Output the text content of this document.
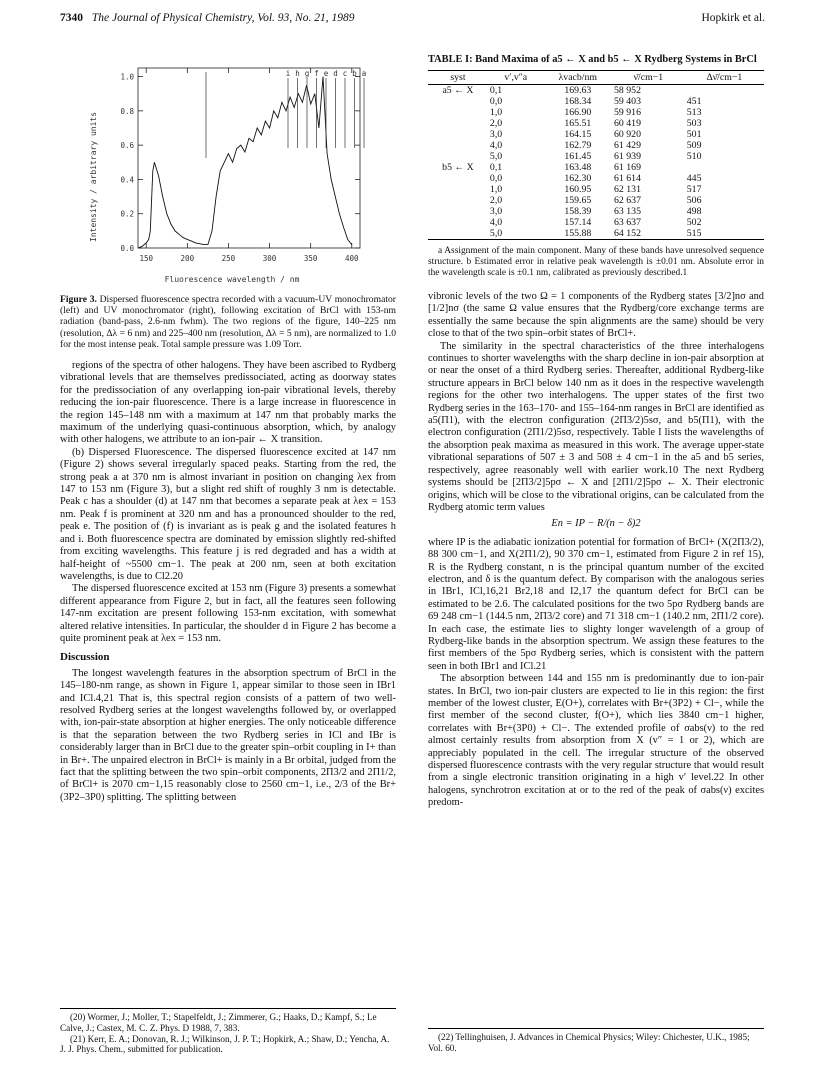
7340 The Journal of Physical Chemistry, Vol. 93, No. 21, 1989	Hopkirk et al.
Intensity / arbitrary units
Fluorescence wavelength / nm
1.0
0.8
0.6
0.4
0.2
0.0
150	200	250	300	350	400
i h g f e d c b a

Figure 3. Dispersed fluorescence spectra recorded with a vacuum-UV monochromator (left) and UV monochromator (right), following excitation of BrCl with 153-nm radiation (band-pass, 2.6-nm fwhm). The two regions of the figure, 140–225 nm (resolution, Δλ = 6 nm) and 225–400 nm (resolution, Δλ = 5 nm), are normalized to 1.0 for the most intense peak. Total sample pressure was 1.09 Torr.

regions of the spectra of other halogens. They have been ascribed to Rydberg vibrational levels that are themselves predissociated, acting as doorway states for the predissociation of any overlapping ion-pair vibrational levels, thereby reducing the ion-pair fluorescence. There is a large increase in fluorescence in the region 145–148 nm with a maximum at 147 nm that probably marks the maximum of the underlying quasi-continuous absorption, which, by analogy with other halogens, we attribute to an ion-pair ← X transition.

(b) Dispersed Fluorescence. The dispersed fluorescence excited at 147 nm (Figure 2) shows several irregularly spaced peaks. Starting from the red, the strong peak a at 370 nm is almost invariant in position on changing λex from 147 to 153 nm (Figure 3), but a slight red shift of roughly 3 nm is detectable. Peak c has a shoulder (d) at 147 nm that becomes a separate peak at λex = 153 nm. Peak f is prominent at 320 nm and has a pronounced shoulder to the red, peak e. The position of (f) is invariant as is peak g and the isolated features h and i. Both fluorescence spectra are dominated by emission slightly red-shifted from exciting wavelengths. This feature j is red degraded and has a width at half-height of ~5500 cm−1. The peak at 200 nm, seen at both excitation wavelengths, is due to Cl2.20

The dispersed fluorescence excited at 153 nm (Figure 3) presents a somewhat different appearance from Figure 2, but in fact, all the features seen following 147-nm excitation are present following 153-nm excitation, with somewhat altered relative intensities. In particular, the shoulder d in Figure 2 has become a quite prominent peak at λex = 153 nm.

Discussion

The longest wavelength features in the absorption spectrum of BrCl in the 145–180-nm range, as shown in Figure 1, appear similar to those seen in IBr1 and ICl.4,21 That is, this spectral region consists of a pattern of two well-resolved Rydberg series at the longest wavelengths followed by, or overlapped with, ion-pair-state absorption at higher energies. The only noticeable difference is that the separation between the two Rydberg series in ICl and IBr is considerably larger than in BrCl due to the greater spin–orbit coupling in I+ than in Br+. The unpaired electron in BrCl+ is mainly in a Br orbital, judged from the fact that the splitting between the two spin–orbit components, 2Π3/2 and 2Π1/2, of BrCl+ is 2070 cm−1,15 reasonably close to 2560 cm−1, i.e., 2/3 of the Br+ (3P2–3P0) splitting. The splitting between

(20) Wormer, J.; Moller, T.; Stapelfeldt, J.; Zimmerer, G.; Haaks, D.; Kampf, S.; Le Calve, J.; Castex, M. C. Z. Phys. D 1988, 7, 383.

(21) Kerr, E. A.; Donovan, R. J.; Wilkinson, J. P. T.; Hopkirk, A.; Shaw, D.; Yencha, A. J. J. Phys. Chem., submitted for publication.

TABLE I: Band Maxima of a5 ← X and b5 ← X Rydberg Systems in BrCl
syst	v′,v″a	λvacb/nm	ν̄/cm−1	Δν̄/cm−1
a5 ← X	0,1	169.63	58 952	
	0,0	168.34	59 403	451
	1,0	166.90	59 916	513
	2,0	165.51	60 419	503
	3,0	164.15	60 920	501
	4,0	162.79	61 429	509
	5,0	161.45	61 939	510
b5 ← X	0,1	163.48	61 169	
	0,0	162.30	61 614	445
	1,0	160.95	62 131	517
	2,0	159.65	62 637	506
	3,0	158.39	63 135	498
	4,0	157.14	63 637	502
	5,0	155.88	64 152	515

a Assignment of the main component. Many of these bands have unresolved sequence structure. b Estimated error in relative peak wavelength is ±0.01 nm. Absolute error in the wavelength scale is ±0.1 nm, calibrated as previously described.1

vibronic levels of the two Ω = 1 components of the Rydberg states [3/2]nσ and [1/2]nσ (the same Ω value ensures that the Rydberg/core exchange terms are essentially the same because the spin alignments are the same) should be very close to that of the two spin–orbit states of BrCl+.

The similarity in the spectral characteristics of the three interhalogens continues to shorter wavelengths with the sharp decline in ion-pair absorption at or near the onset of a third Rydberg series. Thereafter, additional Rydberg-like structure appears in BrCl below 140 nm as it does in the respective wavelength regions for the other two interhalogens. The upper states of the first two Rydberg series in the 163–170- and 155–164-nm ranges in BrCl are identified as a5(Π1), with the electron configuration (2Π3/2)5sσ, and b5(Π1), with the electron configuration (2Π1/2)5sσ, respectively. Table I lists the wavelengths of the absorption peak maxima as measured in this work. The average upper-state vibrational separations of 507 ± 3 and 508 ± 4 cm−1 in the a5 and b5 series, respectively, agree reasonably well with earlier work.10 The next Rydberg systems should be [2Π3/2]5pσ ← X and [2Π1/2]5pσ ← X. Their electronic origins, which will be close to the vibrational origins, can be calculated from the Rydberg atomic term values

En = IP − R/(n − δ)2

where IP is the adiabatic ionization potential for formation of BrCl+ (X(2Π3/2), 88 300 cm−1, and X(2Π1/2), 90 370 cm−1, estimated from Figure 2 in ref 15), R is the Rydberg constant, n is the principal quantum number of the excited electron, and δ is the quantum defect. By comparison with the analogous series in IBr1, ICl,16,21 Br2,18 and I2,17 the quantum defect for BrCl can be estimated to be 2.6. The calculated positions for the two 5pσ Rydberg bands are 69 248 cm−1 (144.5 nm, 2Π3/2 core) and 71 318 cm−1 (140.2 nm, 2Π1/2 core). In each case, the estimate lies to slighty longer wavelength of a group of Rydberg-like bands in the absorption spectrum. We assign these features to the first members of the 5pσ Rydberg series, which is consistent with the pattern seen in both IBr1 and ICl.21

The absorption between 144 and 155 nm is predominantly due to ion-pair states. In BrCl, two ion-pair clusters are expected to lie in this region: the first member of the lowest cluster, E(O+), correlates with Br+(3P2) + Cl−, while the first member of the second cluster, f(O+), which lies 3840 cm−1 higher, correlates with Br+(3P0) + Cl−. The extended profile of σabs(ν) to the red almost certainly results from absorption from X (v″ = 1 or 2), which are appreciably populated in the cell. The irregular structure of the observed dispersed fluorescence contrasts with the very regular structure that would result from a single electronic transition originating in a high v′ level.22 In other halogens, synchrotron excitation at or to the red of the peak of σabs(ν) excites predom-

(22) Tellinghuisen, J. Advances in Chemical Physics; Wiley: Chichester, U.K., 1985; Vol. 60.
